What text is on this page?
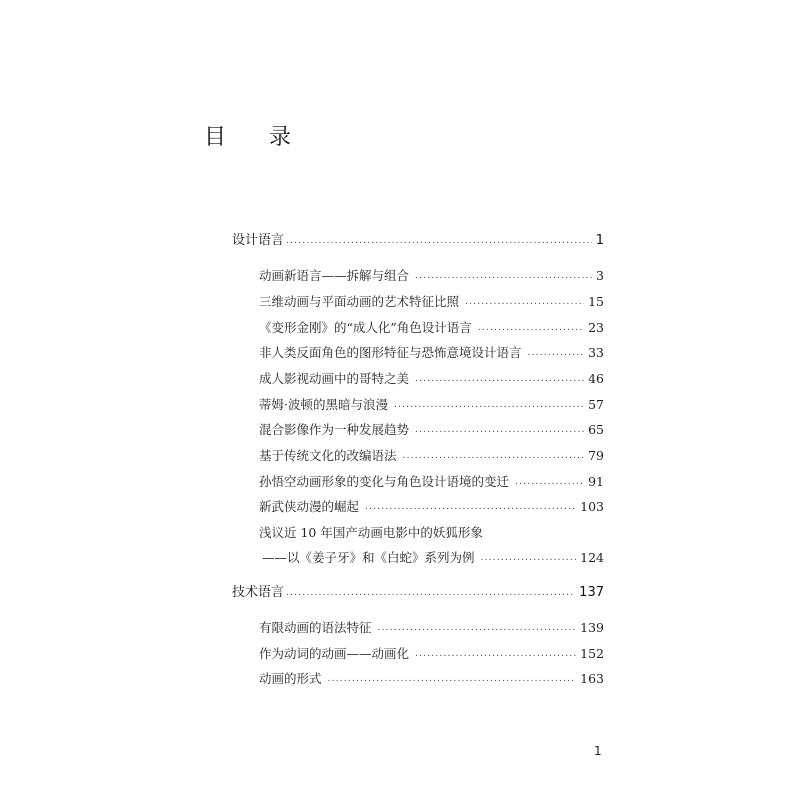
目 录
设计语言 .....	1
动画新语言——拆解与组合 .....	3
三维动画与平面动画的艺术特征比照 .....	15
《变形金刚》的“成人化”角色设计语言 .....	23
非人类反面角色的图形特征与恐怖意境设计语言 .....	33
成人影视动画中的哥特之美 .....	46
蒂姆·波顿的黑暗与浪漫 .....	57
混合影像作为一种发展趋势 .....	65
基于传统文化的改编语法 .....	79
孙悟空动画形象的变化与角色设计语境的变迁 .....	91
新武侠动漫的崛起 .....	103
浅议近 10 年国产动画电影中的妖狐形象
——以《姜子牙》和《白蛇》系列为例 .....	124
技术语言 .....	137
有限动画的语法特征 .....	139
作为动词的动画——动画化 .....	152
动画的形式 .....	163
1
